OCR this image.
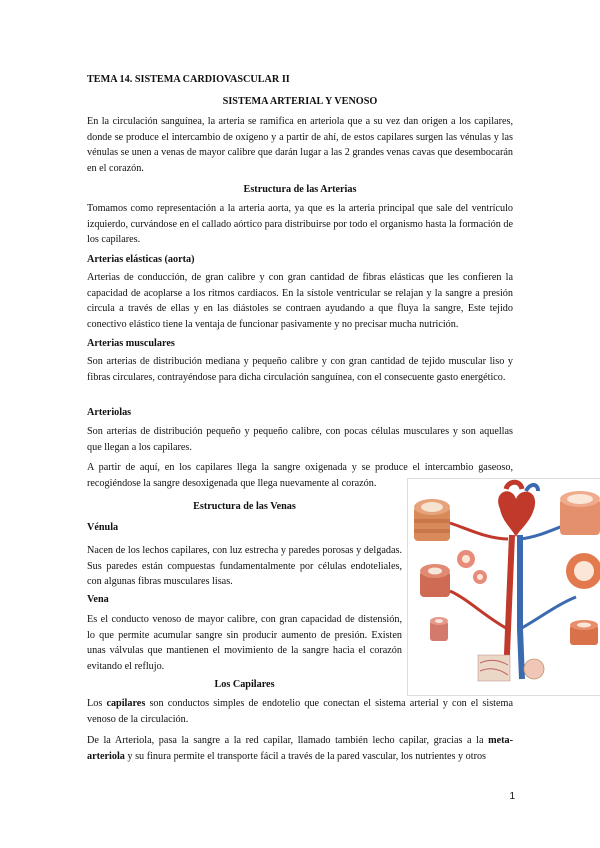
TEMA 14. SISTEMA CARDIOVASCULAR II
SISTEMA ARTERIAL Y VENOSO

En la circulación sanguínea, la arteria se ramifica en arteriola que a su vez dan origen a los capilares, donde se produce el intercambio de oxígeno y a partir de ahí, de estos capilares surgen las vénulas y las vénulas se unen a venas de mayor calibre que darán lugar a las 2 grandes venas cavas que desembocarán en el corazón.

Estructura de las Arterias

Tomamos como representación a la arteria aorta, ya que es la arteria principal que sale del ventrículo izquierdo, curvándose en el callado aórtico para distribuirse por todo el organismo hasta la formación de los capilares.

Arterias elásticas (aorta)

Arterias de conducción, de gran calibre y con gran cantidad de fibras elásticas que les confieren la capacidad de acoplarse a los ritmos cardiacos. En la sístole ventricular se relajan y la sangre a presión circula a través de ellas y en las diástoles se contraen ayudando a que fluya la sangre, Este tejido conectivo elástico tiene la ventaja de funcionar pasivamente y no precisar mucha nutrición.

Arterias musculares

Son arterias de distribución mediana y pequeño calibre y con gran cantidad de tejido muscular liso y fibras circulares, contrayéndose para dicha circulación sanguínea, con el consecuente gasto energético.

Arteriolas

Son arterias de distribución pequeño y pequeño calibre, con pocas células musculares y son aquellas que llegan a los capilares.

A partir de aquí, en los capilares llega la sangre oxigenada y se produce el intercambio gaseoso, recogiéndose la sangre desoxigenada que llega nuevamente al corazón.

Estructura de las Venas
Vénula

Nacen de los lechos capilares, con luz estrecha y paredes porosas y delgadas. Sus paredes están compuestas fundamentalmente por células endoteliales, con algunas fibras musculares lisas.

Vena

Es el conducto venoso de mayor calibre, con gran capacidad de distensión, lo que permite acumular sangre sin producir aumento de presión. Existen unas válvulas que mantienen el movimiento de la sangre hacia el corazón evitando el reflujo.

Los Capilares

Los capilares son conductos simples de endotelio que conectan el sistema arterial y con el sistema venoso de la circulación.

De la Arteriola, pasa la sangre a la red capilar, llamado también lecho capilar, gracias a la meta-arteriola y su finura permite el transporte fácil a través de la pared vascular, los nutrientes y otros

1
